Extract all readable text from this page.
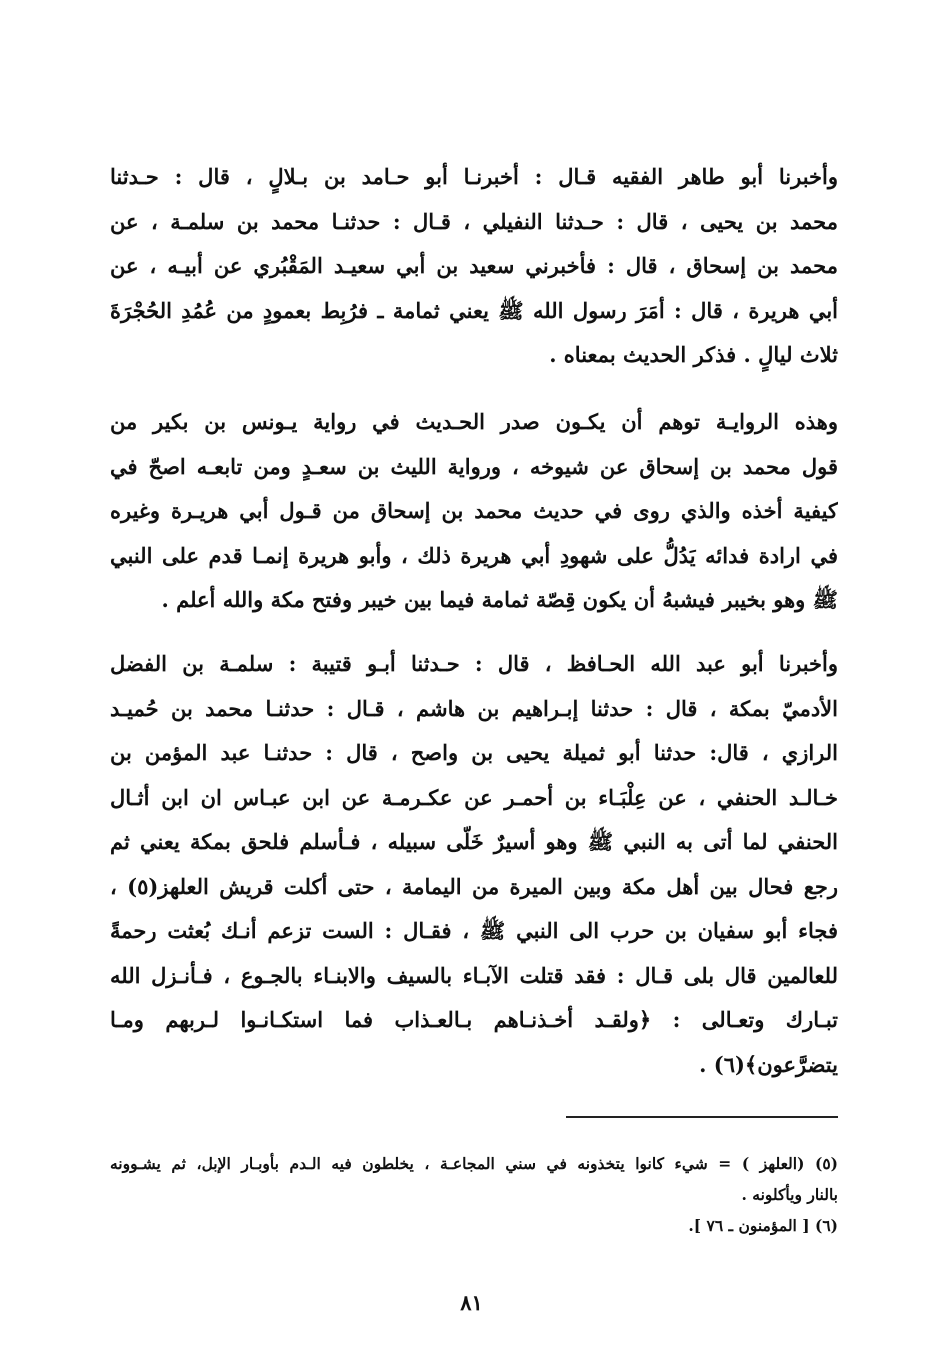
وأخبرنا أبو طاهر الفقيه قـال : أخبرنـا أبو حـامد بن بـلالٍ ، قال : حـدثنا
محمد بن يحيى ، قال : حـدثنا النفيلي ، قـال : حدثنـا محمد بن سلمـة ، عن
محمد بن إسحاق ، قال : فأخبرني سعيد بن أبي سعيـد المَقْبُري عن أبيـه ، عن
أبي هريرة ، قال : أمَرَ رسول الله ﷺ يعني ثمامة ـ فرُبِط بعمودٍ من عُمُدِ الحُجْرَةَ
ثلاث ليالٍ . فذكر الحديث بمعناه .
وهذه الروايـة توهم أن يكـون صدر الحـديث في رواية يـونس بن بكير من
قول محمد بن إسحاق عن شيوخه ، ورواية الليث بن سعـدٍ ومن تابعـه اصحّ في
كيفية أخذه والذي روى في حديث محمد بن إسحاق من قـول أبي هريـرة وغيره
في ارادة فدائه يَدُلُّ على شهودِ أبي هريرة ذلك ، وأبو هريرة إنمـا قدم على النبي
ﷺ وهو بخيبر فيشبهُ أن يكون قِصّة ثمامة فيما بين خيبر وفتح مكة والله أعلم .
وأخبرنا أبو عبد الله الحـافظ ، قال : حـدثنا أبـو قتيبة : سلمـة بن الفضل
الأدميّ بمكة ، قال : حدثنا إبـراهيم بن هاشم ، قـال : حدثنـا محمد بن حُميـد
الرازي ، قال: حدثنا أبو ثميلة يحيى بن واصح ، قال : حدثنـا عبد المؤمن بن
خـالـد الحنفي ، عن عِلْبَـاء بن أحمـر عن عكـرمـة عن ابن عبـاس ان ابن أثـال
الحنفي لما أتى به النبي ﷺ وهو أسيرٌ خَلّى سبيله ، فـأسلم فلحق بمكة يعني ثم
رجع فحال بين أهل مكة وبين الميرة من اليمامة ، حتى أكلت قريش العلهز(٥) ،
فجاء أبو سفيان بن حرب الى النبي ﷺ ، فقـال : الست تزعم أنـك بُعثت رحمةً
للعالمين قال بلى قـال : فقد قتلت الآبـاء بالسيف والابنـاء بالجـوع ، فـأنـزل الله
تبـارك وتعـالى : ﴿ولقـد أخـذنـاهم بـالعـذاب فما استكـانـوا لـربهم ومـا
يتضرَّعون﴾(٦) .
(٥) (العلهز ) = شيء كانوا يتخذونه في سني المجاعـة ، يخلطون فيه الـدم بأوبـار الإبل، ثم يشـوونه
بالنار ويأكلونه .
(٦) [ المؤمنون ـ ٧٦ ].
٨١
